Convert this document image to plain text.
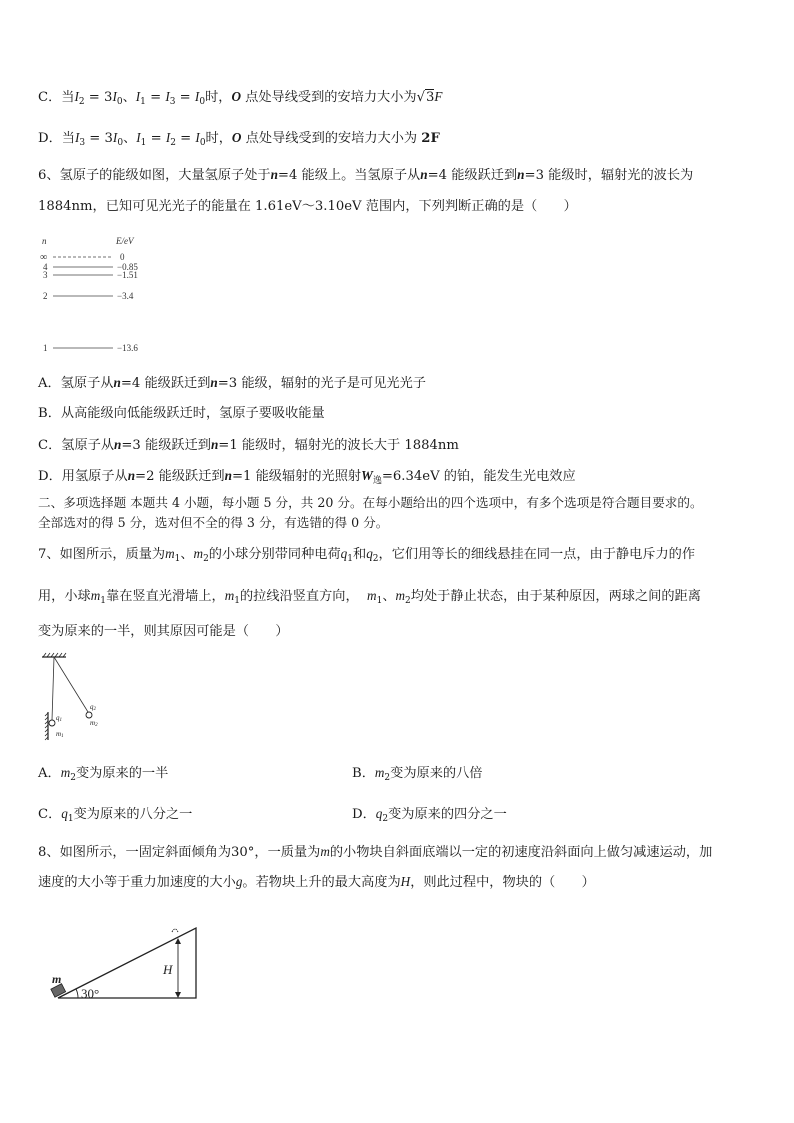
C．当$I_2 = 3I_0$、$I_1 = I_3 = I_0$时，O 点处导线受到的安培力大小为√3F
D．当$I_3 = 3I_0$、$I_1 = I_2 = I_0$时，O 点处导线受到的安培力大小为 2F
6、氢原子的能级如图，大量氢原子处于n=4 能级上。当氢原子从n=4 能级跃迁到n=3 能级时，辐射光的波长为
1884nm，已知可见光光子的能量在 1.61eV～3.10eV 范围内，下列判断正确的是（　　）
n	E/eV
∞	0
4	−0.85
3	−1.51
2	−3.4
1	−13.6
A．氢原子从n=4 能级跃迁到n=3 能级，辐射的光子是可见光光子
B．从高能级向低能级跃迁时，氢原子要吸收能量
C．氢原子从n=3 能级跃迁到n=1 能级时，辐射光的波长大于 1884nm
D．用氢原子从n=2 能级跃迁到n=1 能级辐射的光照射$W_逸=6.34eV$ 的铂，能发生光电效应
二、多项选择题 本题共 4 小题，每小题 5 分，共 20 分。在每小题给出的四个选项中，有多个选项是符合题目要求的。
全部选对的得 5 分，选对但不全的得 3 分，有选错的得 0 分。
7、如图所示，质量为$m_1$、$m_2$的小球分别带同种电荷$q_1$和$q_2$，它们用等长的细线悬挂在同一点，由于静电斥力的作
用，小球$m_1$靠在竖直光滑墙上，$m_1$的拉线沿竖直方向， $m_1$、$m_2$均处于静止状态，由于某种原因，两球之间的距离
变为原来的一半，则其原因可能是（　　）
q1
m1
q2
m2
A．$m_2$变为原来的一半	B．$m_2$变为原来的八倍
C．$q_1$变为原来的八分之一	D．$q_2$变为原来的四分之一
8、如图所示，一固定斜面倾角为30°，一质量为m的小物块自斜面底端以一定的初速度沿斜面向上做匀减速运动，加
速度的大小等于重力加速度的大小g。若物块上升的最大高度为H，则此过程中，物块的（　　）
30°
m
H
